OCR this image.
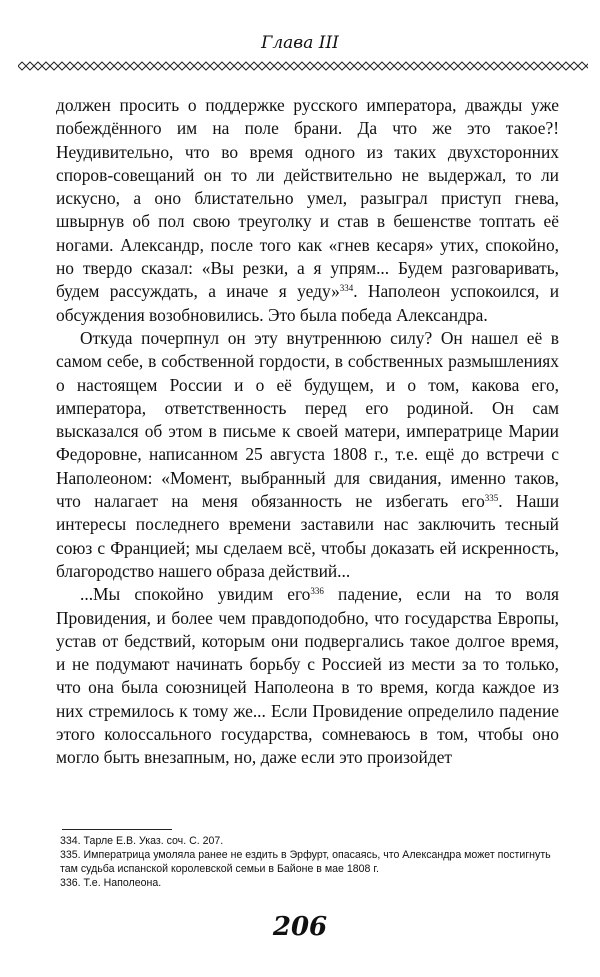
Глава III

должен просить о поддержке русского императора, дважды уже побеждённого им на поле брани. Да что же это такое?! Неудивительно, что во время одного из таких двухсторонних споров-совещаний он то ли действительно не выдержал, то ли искусно, а оно блистательно умел, разыграл приступ гнева, швырнув об пол свою треуголку и став в бешенстве топтать её ногами. Александр, после того как «гнев кесаря» утих, спокойно, но твердо сказал: «Вы резки, а я упрям... Будем разговаривать, будем рассуждать, а иначе я уеду»$^{334}$. Наполеон успокоился, и обсуждения возобновились. Это была победа Александра.

Откуда почерпнул он эту внутреннюю силу? Он нашел её в самом себе, в собственной гордости, в собственных размышлениях о настоящем России и о её будущем, и о том, какова его, императора, ответственность перед его родиной. Он сам высказался об этом в письме к своей матери, императрице Марии Федоровне, написанном 25 августа 1808 г., т.е. ещё до встречи с Наполеоном: «Момент, выбранный для свидания, именно таков, что налагает на меня обязанность не избегать его$^{335}$. Наши интересы последнего времени заставили нас заключить тесный союз с Францией; мы сделаем всё, чтобы доказать ей искренность, благородство нашего образа действий...

...Мы спокойно увидим его$^{336}$ падение, если на то воля Провидения, и более чем правдоподобно, что государства Европы, устав от бедствий, которым они подвергались такое долгое время, и не подумают начинать борьбу с Россией из мести за то только, что она была союзницей Наполеона в то время, когда каждое из них стремилось к тому же... Если Провидение определило падение этого колоссального государства, сомневаюсь в том, чтобы оно могло быть внезапным, но, даже если это произойдет

334. Тарле Е.В. Указ. соч. С. 207.
335. Императрица умоляла ранее не ездить в Эрфурт, опасаясь, что Александра может постигнуть там судьба испанской королевской семьи в Байоне в мае 1808 г.
336. Т.е. Наполеона.
206
